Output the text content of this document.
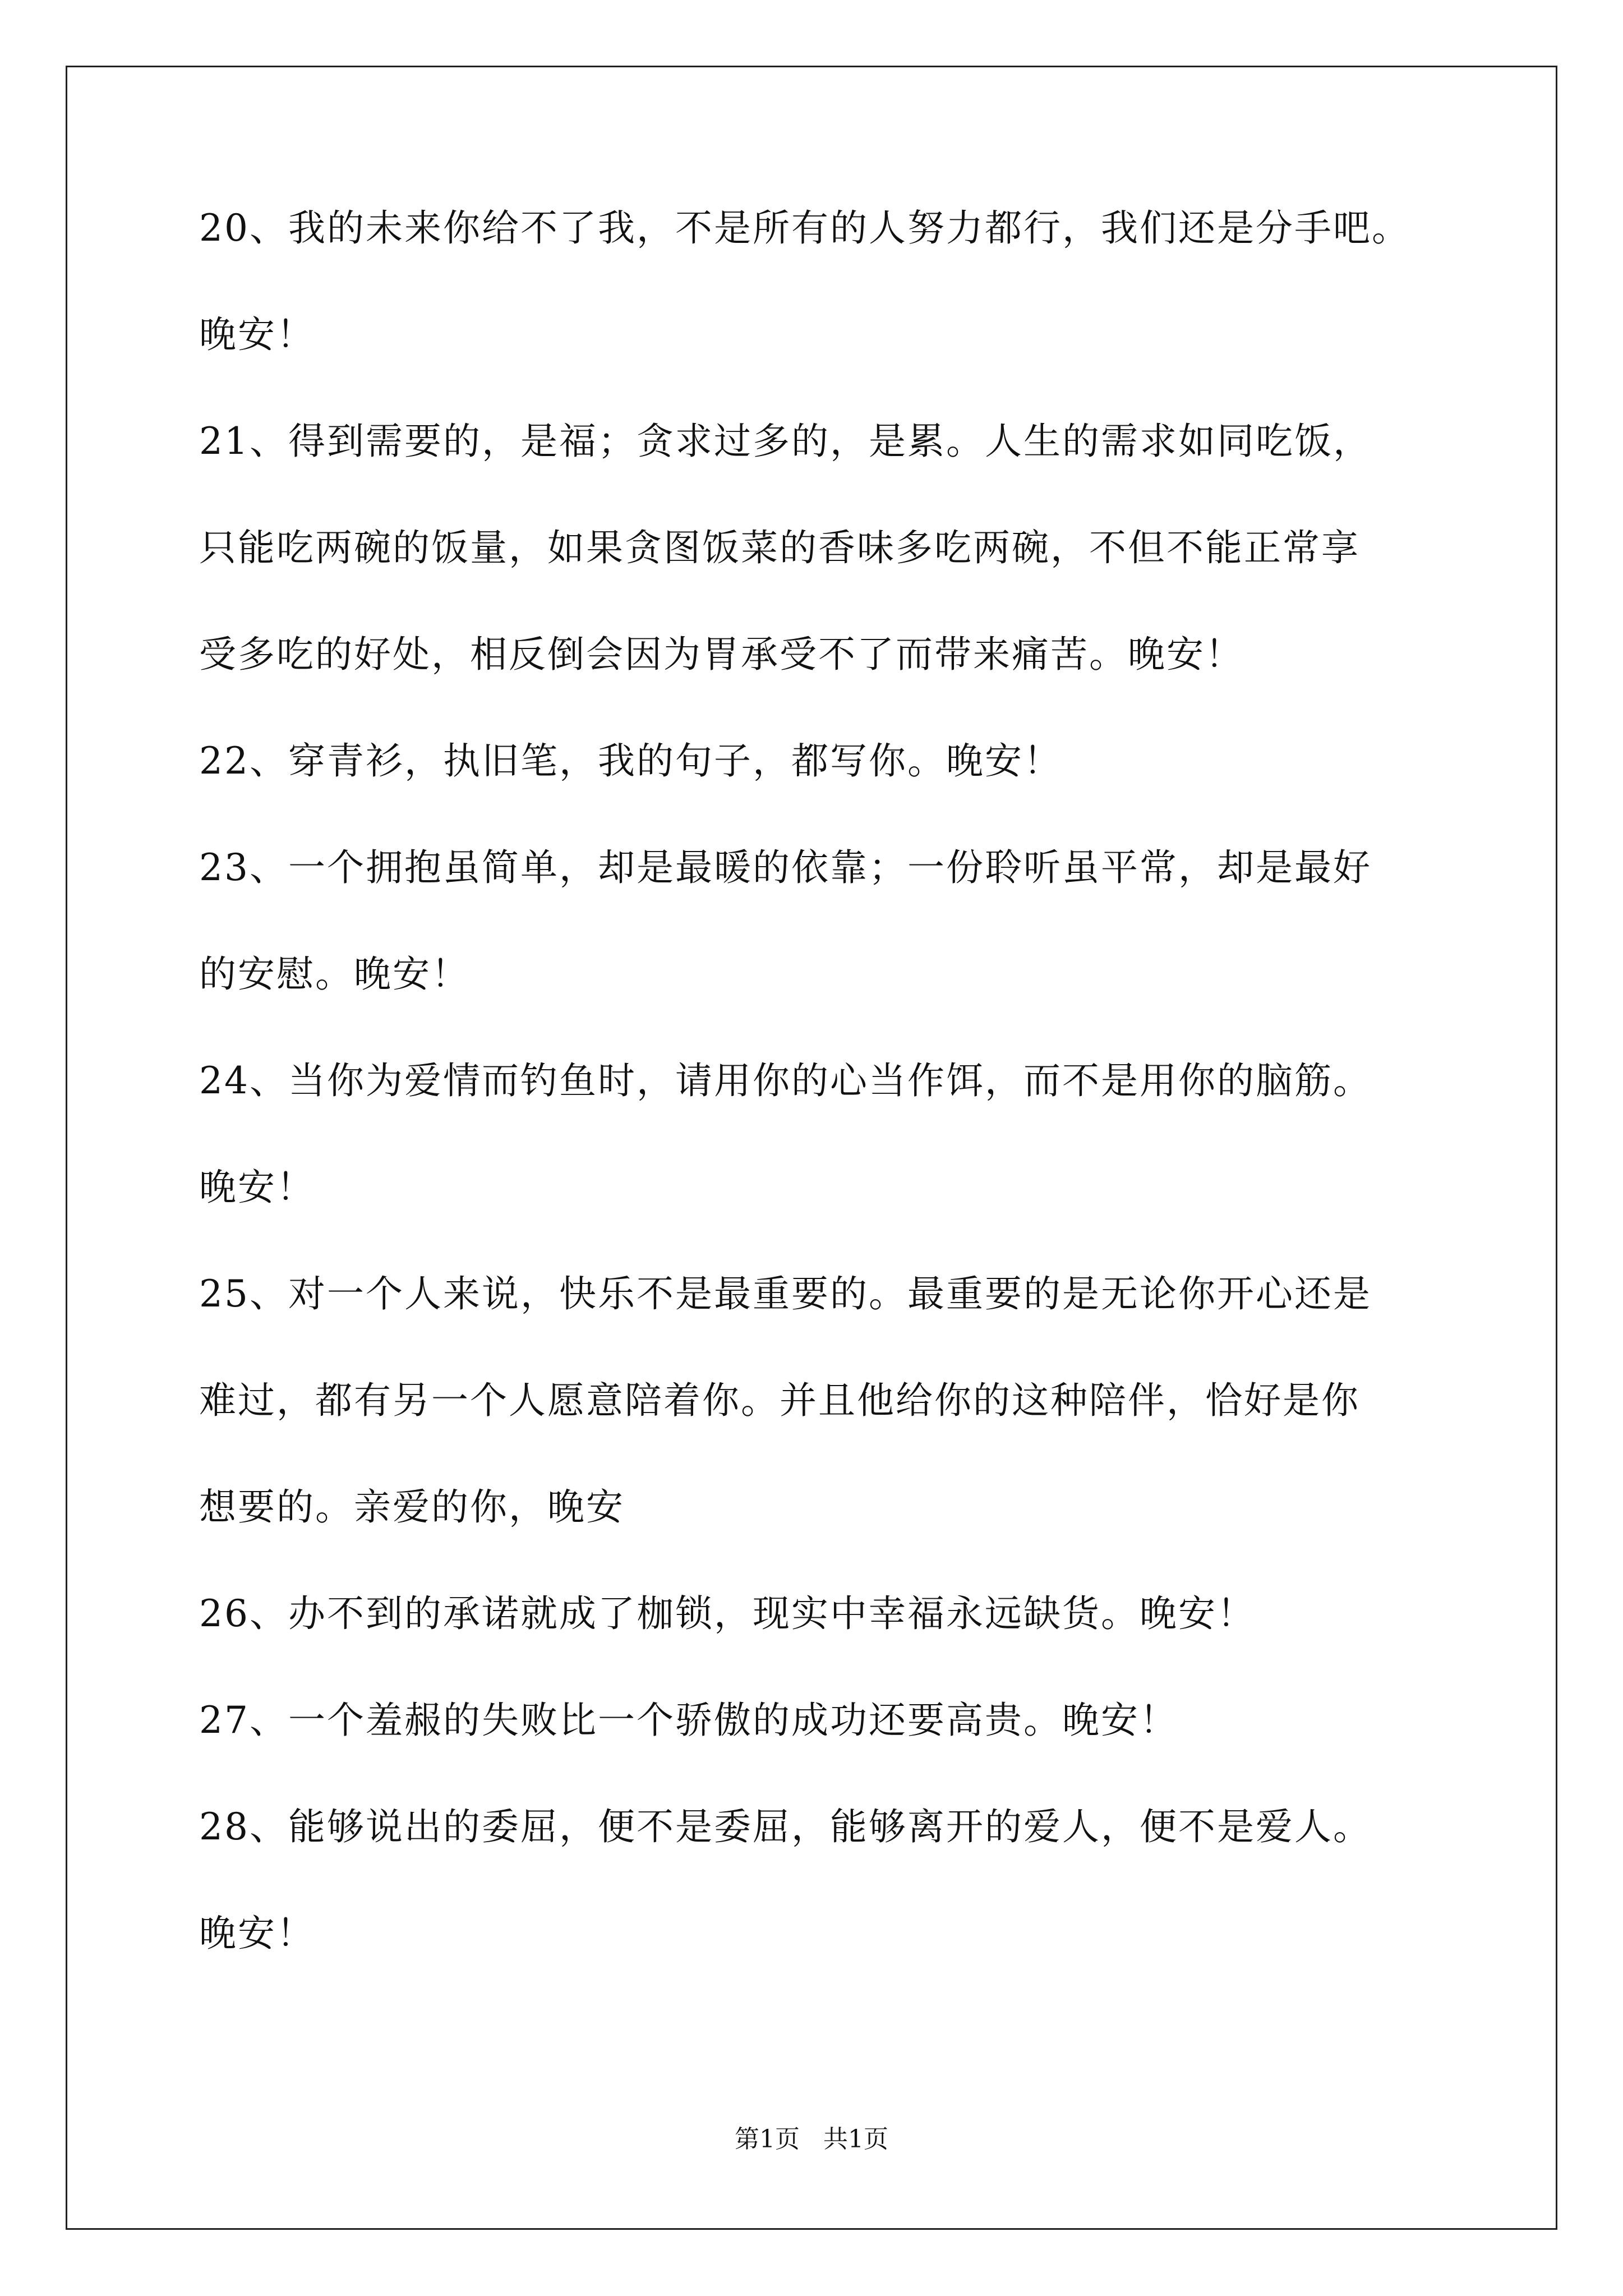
20、我的未来你给不了我，不是所有的人努力都行，我们还是分手吧。
晚安！
21、得到需要的，是福；贪求过多的，是累。人生的需求如同吃饭，
只能吃两碗的饭量，如果贪图饭菜的香味多吃两碗，不但不能正常享
受多吃的好处，相反倒会因为胃承受不了而带来痛苦。晚安！
22、穿青衫，执旧笔，我的句子，都写你。晚安！
23、一个拥抱虽简单，却是最暖的依靠；一份聆听虽平常，却是最好
的安慰。晚安！
24、当你为爱情而钓鱼时，请用你的心当作饵，而不是用你的脑筋。
晚安！
25、对一个人来说，快乐不是最重要的。最重要的是无论你开心还是
难过，都有另一个人愿意陪着你。并且他给你的这种陪伴，恰好是你
想要的。亲爱的你，晚安
26、办不到的承诺就成了枷锁，现实中幸福永远缺货。晚安！
27、一个羞赧的失败比一个骄傲的成功还要高贵。晚安！
28、能够说出的委屈，便不是委屈，能够离开的爱人，便不是爱人。
晚安！
第1页   共1页
